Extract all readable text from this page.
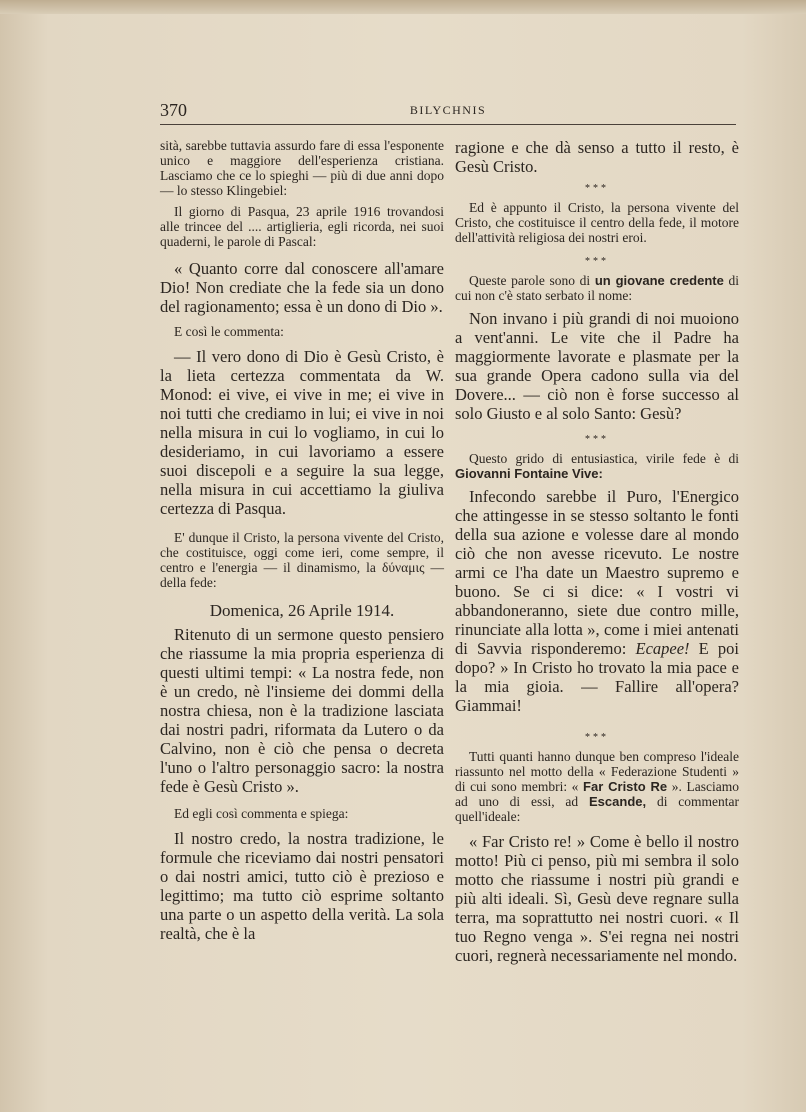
370	BILYCHNIS

sità, sarebbe tuttavia assurdo fare di essa l'esponente unico e maggiore dell'esperienza cristiana. Lasciamo che ce lo spieghi — più di due anni dopo — lo stesso Klingebiel:

Il giorno di Pasqua, 23 aprile 1916 trovandosi alle trincee del .... artiglieria, egli ricorda, nei suoi quaderni, le parole di Pascal:

« Quanto corre dal conoscere all'amare Dio! Non crediate che la fede sia un dono del ragionamento; essa è un dono di Dio ».

E così le commenta:

— Il vero dono di Dio è Gesù Cristo, è la lieta certezza commentata da W. Monod: ei vive, ei vive in me; ei vive in noi tutti che crediamo in lui; ei vive in noi nella misura in cui lo vogliamo, in cui lo desideriamo, in cui lavoriamo a essere suoi discepoli e a seguire la sua legge, nella misura in cui accettiamo la giuliva certezza di Pasqua.

E' dunque il Cristo, la persona vivente del Cristo, che costituisce, oggi come ieri, come sempre, il centro e l'energia — il dinamismo, la δύναμις — della fede:

Domenica, 26 Aprile 1914.

Ritenuto di un sermone questo pensiero che riassume la mia propria esperienza di questi ultimi tempi: « La nostra fede, non è un credo, nè l'insieme dei dommi della nostra chiesa, non è la tradizione lasciata dai nostri padri, riformata da Lutero o da Calvino, non è ciò che pensa o decreta l'uno o l'altro personaggio sacro: la nostra fede è Gesù Cristo ».

Ed egli così commenta e spiega:

Il nostro credo, la nostra tradizione, le formule che riceviamo dai nostri pensatori o dai nostri amici, tutto ciò è prezioso e legittimo; ma tutto ciò esprime soltanto una parte o un aspetto della verità. La sola realtà, che è la

ragione e che dà senso a tutto il resto, è Gesù Cristo.

***

Ed è appunto il Cristo, la persona vivente del Cristo, che costituisce il centro della fede, il motore dell'attività religiosa dei nostri eroi.

***

Queste parole sono di un giovane credente di cui non c'è stato serbato il nome:

Non invano i più grandi di noi muoiono a vent'anni. Le vite che il Padre ha maggiormente lavorate e plasmate per la sua grande Opera cadono sulla via del Dovere... — ciò non è forse successo al solo Giusto e al solo Santo: Gesù?

***

Questo grido di entusiastica, virile fede è di Giovanni Fontaine Vive:

Infecondo sarebbe il Puro, l'Energico che attingesse in se stesso soltanto le fonti della sua azione e volesse dare al mondo ciò che non avesse ricevuto. Le nostre armi ce l'ha date un Maestro supremo e buono. Se ci si dice: « I vostri vi abbandoneranno, siete due contro mille, rinunciate alla lotta », come i miei antenati di Savvia risponderemo: Ecapee! E poi dopo? » In Cristo ho trovato la mia pace e la mia gioia. — Fallire all'opera? Giammai!

***

Tutti quanti hanno dunque ben compreso l'ideale riassunto nel motto della « Federazione Studenti » di cui sono membri: « Far Cristo Re ». Lasciamo ad uno di essi, ad Escande, di commentar quell'ideale:

« Far Cristo re! » Come è bello il nostro motto! Più ci penso, più mi sembra il solo motto che riassume i nostri più grandi e più alti ideali. Sì, Gesù deve regnare sulla terra, ma soprattutto nei nostri cuori. « Il tuo Regno venga ». S'ei regna nei nostri cuori, regnerà necessariamente nel mondo.
